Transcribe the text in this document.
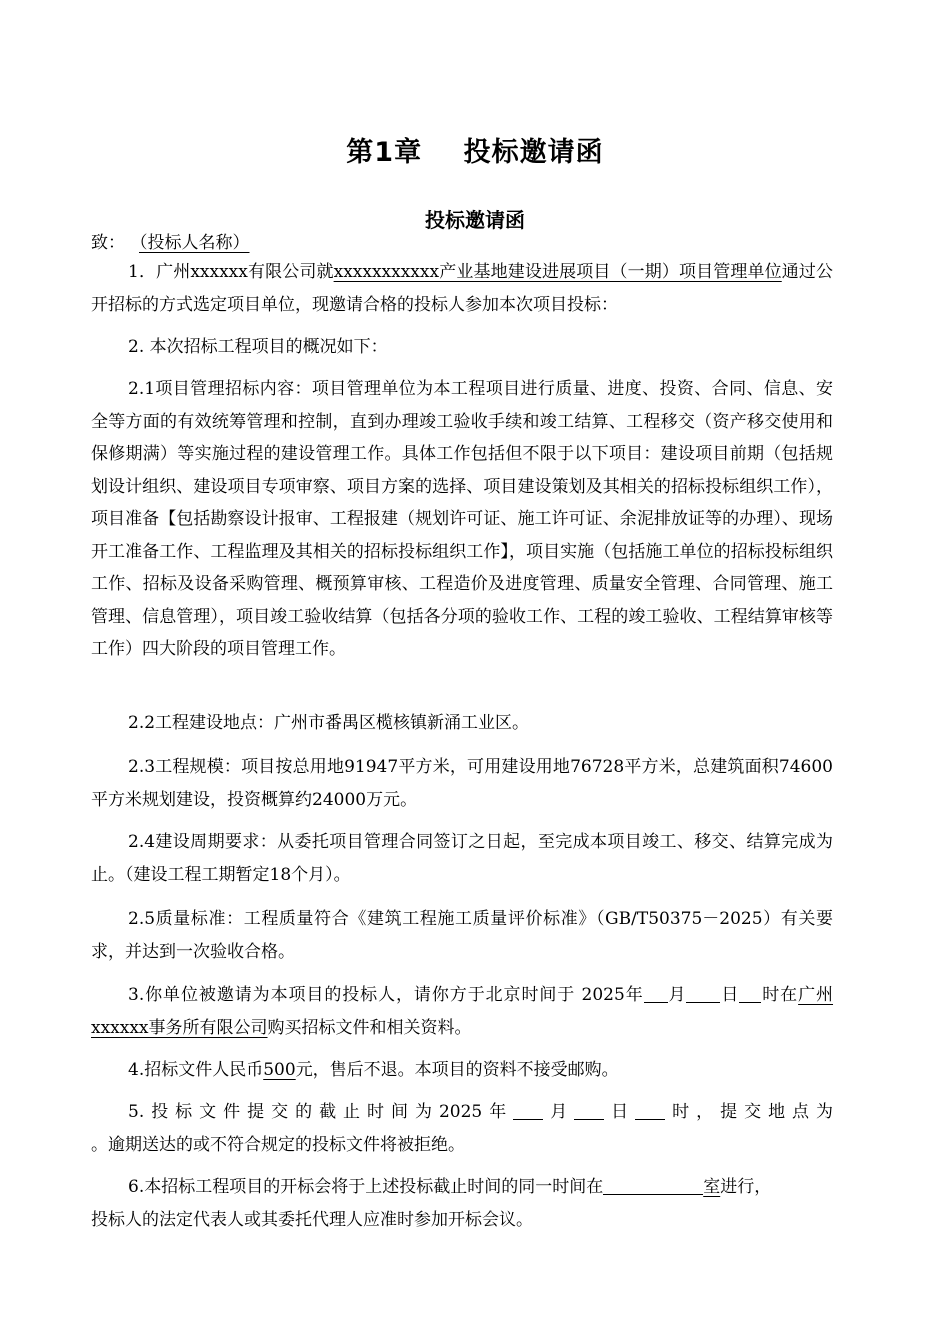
第1章    投标邀请函
投标邀请函
致： （投标人名称）
1．广州xxxxxx有限公司就xxxxxxxxxxx产业基地建设进展项目（一期）项目管理单位通过公开招标的方式选定项目单位，现邀请合格的投标人参加本次项目投标：
2. 本次招标工程项目的概况如下：
2.1项目管理招标内容：项目管理单位为本工程项目进行质量、进度、投资、合同、信息、安全等方面的有效统筹管理和控制，直到办理竣工验收手续和竣工结算、工程移交（资产移交使用和保修期满）等实施过程的建设管理工作。具体工作包括但不限于以下项目：建设项目前期（包括规划设计组织、建设项目专项审察、项目方案的选择、项目建设策划及其相关的招标投标组织工作），项目准备【包括勘察设计报审、工程报建（规划许可证、施工许可证、余泥排放证等的办理）、现场开工准备工作、工程监理及其相关的招标投标组织工作】，项目实施（包括施工单位的招标投标组织工作、招标及设备采购管理、概预算审核、工程造价及进度管理、质量安全管理、合同管理、施工管理、信息管理），项目竣工验收结算（包括各分项的验收工作、工程的竣工验收、工程结算审核等工作）四大阶段的项目管理工作。
2.2工程建设地点：广州市番禺区榄核镇新涌工业区。
2.3工程规模：项目按总用地91947平方米，可用建设用地76728平方米，总建筑面积74600平方米规划建设，投资概算约24000万元。
2.4建设周期要求：从委托项目管理合同签订之日起，至完成本项目竣工、移交、结算完成为止。（建设工程工期暂定18个月）。
2.5质量标准：工程质量符合《建筑工程施工质量评价标准》（GB/T50375－2025）有关要求，并达到一次验收合格。
3.你单位被邀请为本项目的投标人，请你方于北京时间于 2025年 月 日 时在广州xxxxxx事务所有限公司购买招标文件和相关资料。
4.招标文件人民币500元，售后不退。本项目的资料不接受邮购。
5.投标文件提交的截止时间为2025年 月 日 时，提交地点为
。逾期送达的或不符合规定的投标文件将被拒绝。
6.本招标工程项目的开标会将于上述投标截止时间的同一时间在	室进行，
投标人的法定代表人或其委托代理人应准时参加开标会议。
